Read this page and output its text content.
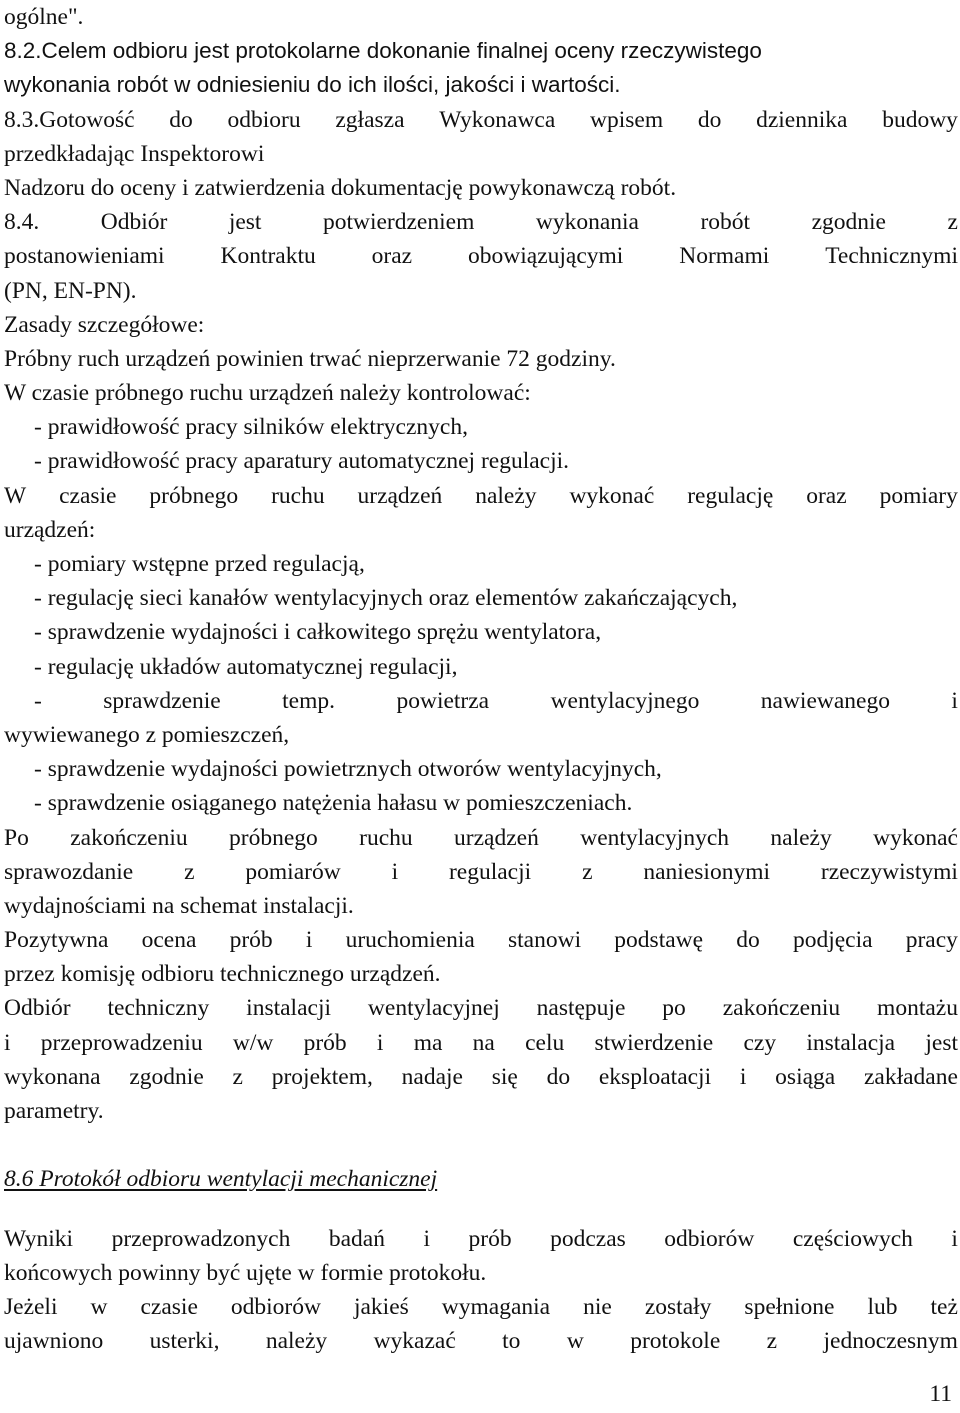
ogólne".
8.2.Celem odbioru jest protokolarne dokonanie finalnej oceny rzeczywistego
wykonania robót w odniesieniu do ich ilości, jakości i wartości.
8.3.Gotowość do odbioru zgłasza Wykonawca wpisem do dziennika budowy
przedkładając Inspektorowi
Nadzoru do oceny i zatwierdzenia dokumentację powykonawczą robót.
8.4.	Odbiór	jest	potwierdzeniem	wykonania	robót	zgodnie	z
postanowieniami Kontraktu oraz obowiązującymi Normami Technicznymi
(PN, EN-PN).
Zasady szczegółowe:
Próbny ruch urządzeń powinien trwać nieprzerwanie 72 godziny.
W czasie próbnego ruchu urządzeń należy kontrolować:
- prawidłowość pracy silników elektrycznych,
- prawidłowość pracy aparatury automatycznej regulacji.
W czasie próbnego ruchu urządzeń należy wykonać regulację oraz pomiary
urządzeń:
- pomiary wstępne przed regulacją,
- regulację sieci kanałów wentylacyjnych oraz elementów zakańczających,
- sprawdzenie wydajności i całkowitego sprężu wentylatora,
- regulację układów automatycznej regulacji,
-	sprawdzenie	temp.	powietrza	wentylacyjnego	nawiewanego	i
wywiewanego z pomieszczeń,
- sprawdzenie wydajności powietrznych otworów wentylacyjnych,
- sprawdzenie osiąganego natężenia hałasu w pomieszczeniach.
Po zakończeniu próbnego ruchu urządzeń wentylacyjnych należy wykonać
sprawozdanie z pomiarów i regulacji z naniesionymi rzeczywistymi
wydajnościami na schemat instalacji.
Pozytywna ocena prób i uruchomienia stanowi podstawę do podjęcia pracy
przez komisję odbioru technicznego urządzeń.
Odbiór techniczny instalacji wentylacyjnej następuje po zakończeniu montażu
i przeprowadzeniu w/w prób i ma na celu stwierdzenie czy instalacja jest
wykonana zgodnie z projektem, nadaje się do eksploatacji i osiąga zakładane
parametry.
8.6 Protokół odbioru wentylacji mechanicznej
Wyniki przeprowadzonych badań i prób podczas odbiorów częściowych i
końcowych powinny być ujęte w formie protokołu.
Jeżeli w czasie odbiorów jakieś wymagania nie zostały spełnione lub też
ujawniono usterki, należy wykazać to w protokole z jednoczesnym
11
